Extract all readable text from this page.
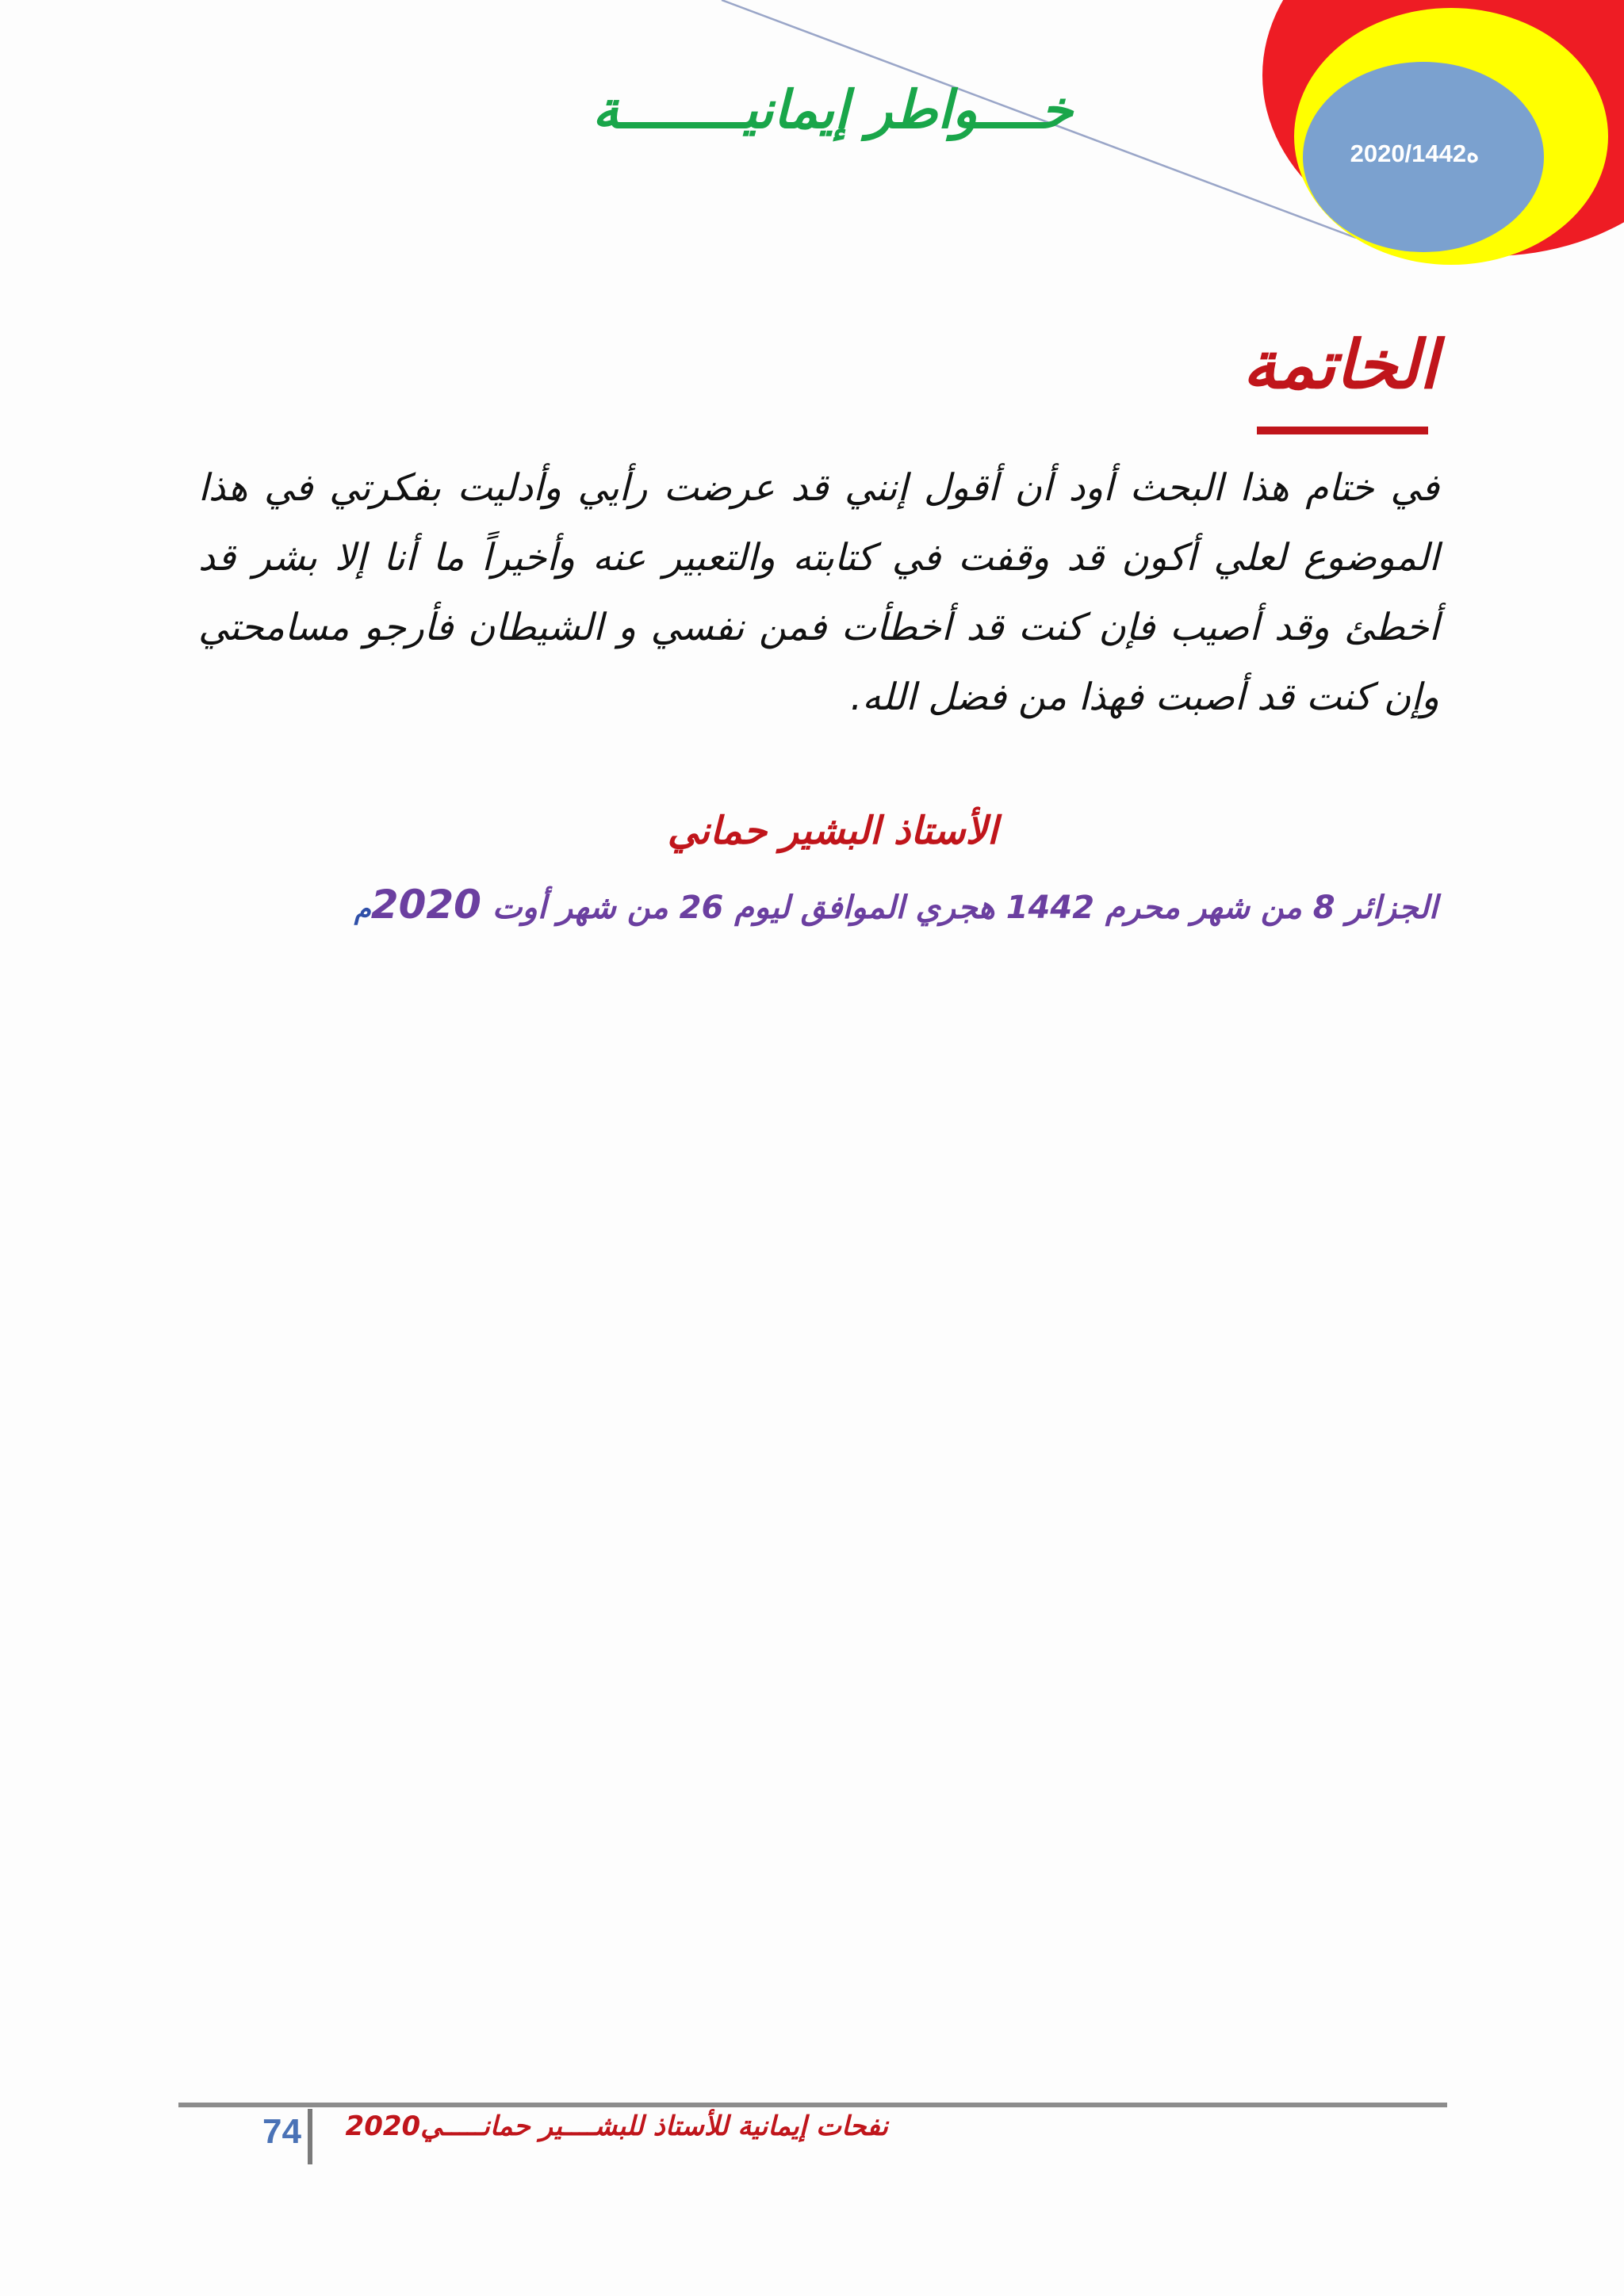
خــــواطر إيمانيــــــــة
2020/ه1442
الخاتمة
في ختام هذا البحث أود أن أقول إنني قد عرضت رأيي وأدليت بفكرتي في هذا الموضوع لعلي أكون قد وقفت في كتابته والتعبير عنه وأخيراً ما أنا إلا بشر قد أخطئ وقد أصيب فإن كنت قد أخطأت فمن نفسي و الشيطان فأرجو مسامحتي وإن كنت قد أصبت فهذا من فضل الله.
الأستاذ البشير حماني
الجزائر 8 من شهر محرم 1442 هجري الموافق ليوم 26 من شهر أوت 2020م
74	نفحات إيمانية للأستاذ للبشــــير حمانـــــي2020
